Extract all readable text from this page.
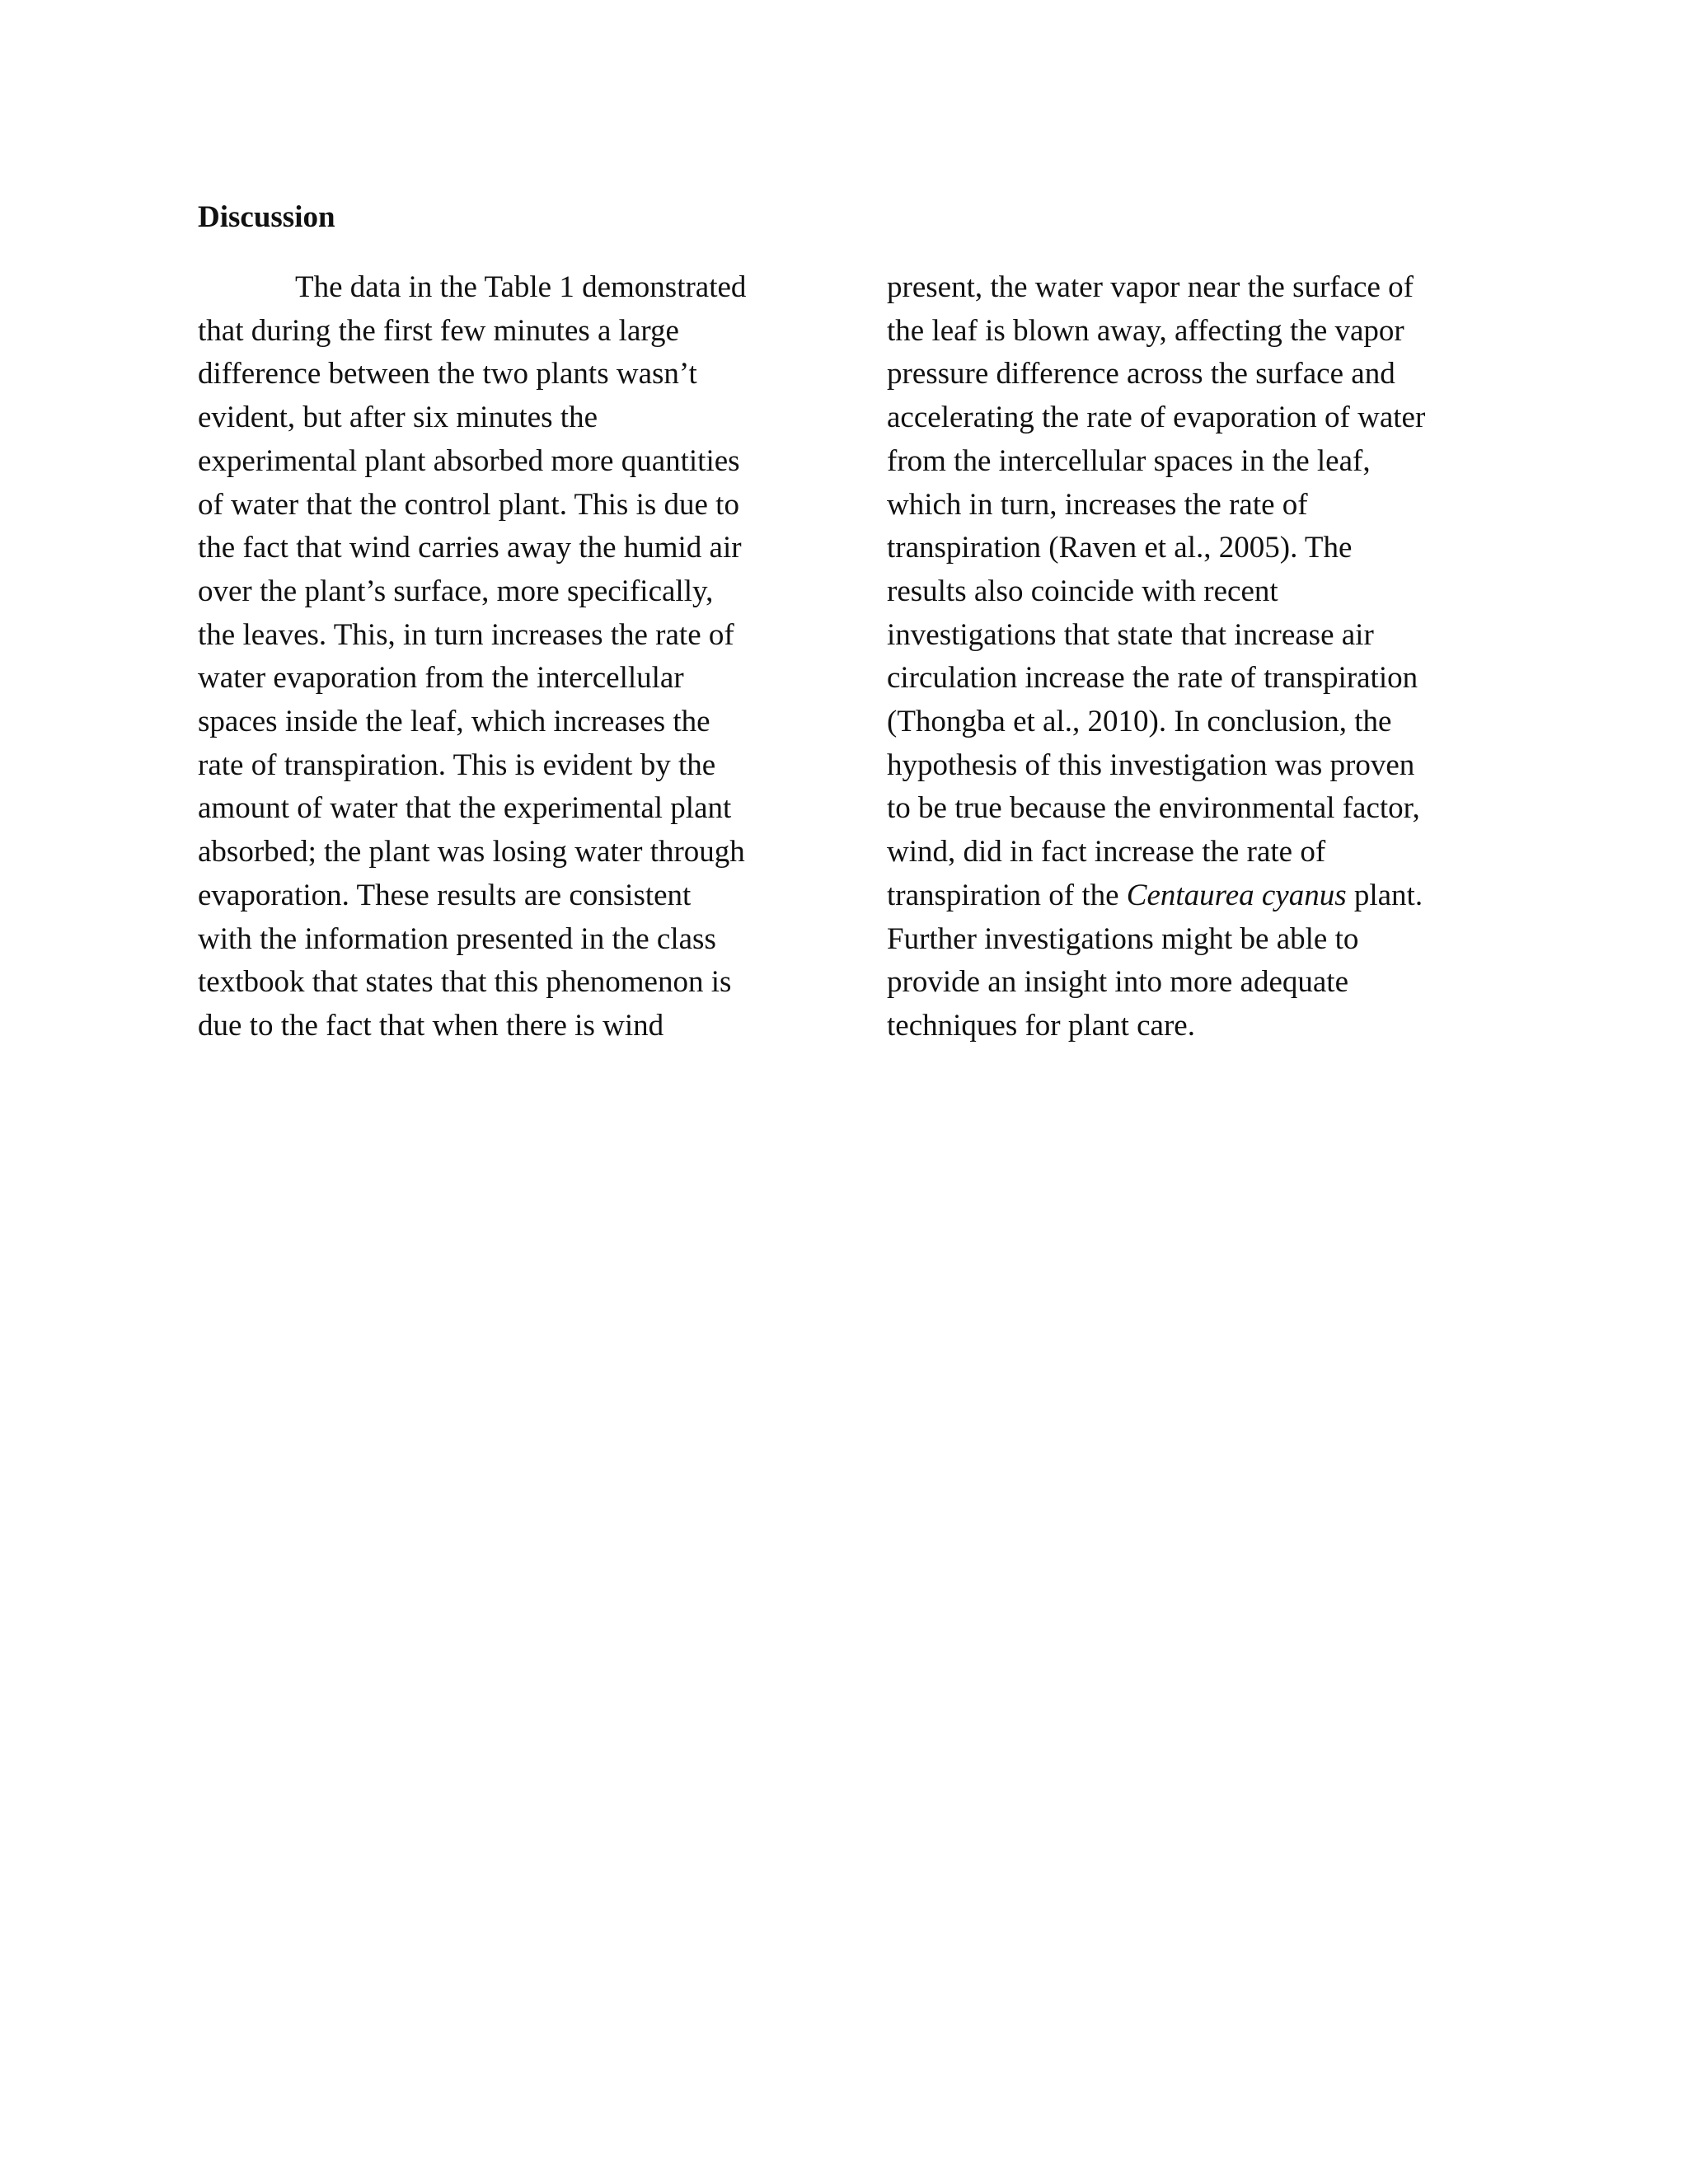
Discussion
The data in the Table 1 demonstrated
that during the first few minutes a large
difference between the two plants wasn’t
evident, but after six minutes the
experimental plant absorbed more quantities
of water that the control plant. This is due to
the fact that wind carries away the humid air
over the plant’s surface, more specifically,
the leaves. This, in turn increases the rate of
water evaporation from the intercellular
spaces inside the leaf, which increases the
rate of transpiration. This is evident by the
amount of water that the experimental plant
absorbed; the plant was losing water through
evaporation. These results are consistent
with the information presented in the class
textbook that states that this phenomenon is
due to the fact that when there is wind
present, the water vapor near the surface of
the leaf is blown away, affecting the vapor
pressure difference across the surface and
accelerating the rate of evaporation of water
from the intercellular spaces in the leaf,
which in turn, increases the rate of
transpiration (Raven et al., 2005). The
results also coincide with recent
investigations that state that increase air
circulation increase the rate of transpiration
(Thongba et al., 2010). In conclusion, the
hypothesis of this investigation was proven
to be true because the environmental factor,
wind, did in fact increase the rate of
transpiration of the Centaurea cyanus plant.
Further investigations might be able to
provide an insight into more adequate
techniques for plant care.
